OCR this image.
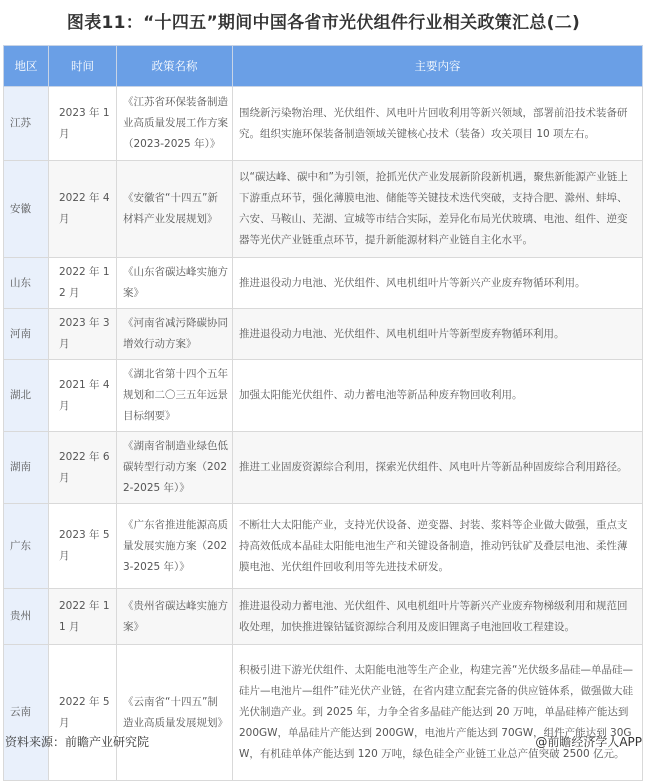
图表11：“十四五”期间中国各省市光伏组件行业相关政策汇总(二)
地区	时间	政策名称	主要内容
江苏	2023 年 1 月	《江苏省环保装备制造业高质量发展工作方案（2023-2025 年）》	围绕新污染物治理、光伏组件、风电叶片回收利用等新兴领域，部署前沿技术装备研究。组织实施环保装备制造领域关键核心技术（装备）攻关项目 10 项左右。
安徽	2022 年 4 月	《安徽省“十四五”新材料产业发展规划》	以“碳达峰、碳中和”为引领，抢抓光伏产业发展新阶段新机遇，聚焦新能源产业链上下游重点环节，强化薄膜电池、储能等关键技术迭代突破，支持合肥、滁州、蚌埠、六安、马鞍山、芜湖、宣城等市结合实际，差异化布局光伏玻璃、电池、组件、逆变器等光伏产业链重点环节，提升新能源材料产业链自主化水平。
山东	2022 年 12 月	《山东省碳达峰实施方案》	推进退役动力电池、光伏组件、风电机组叶片等新兴产业废弃物循环利用。
河南	2023 年 3 月	《河南省减污降碳协同增效行动方案》	推进退役动力电池、光伏组件、风电机组叶片等新型废弃物循环利用。
湖北	2021 年 4 月	《湖北省第十四个五年规划和二〇三五年远景目标纲要》	加强太阳能光伏组件、动力蓄电池等新品种废弃物回收利用。
湖南	2022 年 6 月	《湖南省制造业绿色低碳转型行动方案（2022-2025 年）》	推进工业固废资源综合利用，探索光伏组件、风电叶片等新品种固废综合利用路径。
广东	2023 年 5 月	《广东省推进能源高质量发展实施方案（2023-2025 年）》	不断壮大太阳能产业，支持光伏设备、逆变器、封装、浆料等企业做大做强，重点支持高效低成本晶硅太阳能电池生产和关键设备制造，推动钙钛矿及叠层电池、柔性薄膜电池、光伏组件回收利用等先进技术研发。
贵州	2022 年 11 月	《贵州省碳达峰实施方案》	推进退役动力蓄电池、光伏组件、风电机组叶片等新兴产业废弃物梯级利用和规范回收处理，加快推进镍钴锰资源综合利用及废旧锂离子电池回收工程建设。
云南	2022 年 5 月	《云南省“十四五”制造业高质量发展规划》	积极引进下游光伏组件、太阳能电池等生产企业，构建完善“光伏级多晶硅—单晶硅—硅片—电池片—组件”硅光伏产业链，在省内建立配套完备的供应链体系，做强做大硅光伏制造产业。到 2025 年，力争全省多晶硅产能达到 20 万吨，单晶硅棒产能达到 200GW，单晶硅片产能达到 200GW，电池片产能达到 70GW，组件产能达到 30GW，有机硅单体产能达到 120 万吨，绿色硅全产业链工业总产值突破 2500 亿元。
资料来源：前瞻产业研究院	@前瞻经济学人APP
